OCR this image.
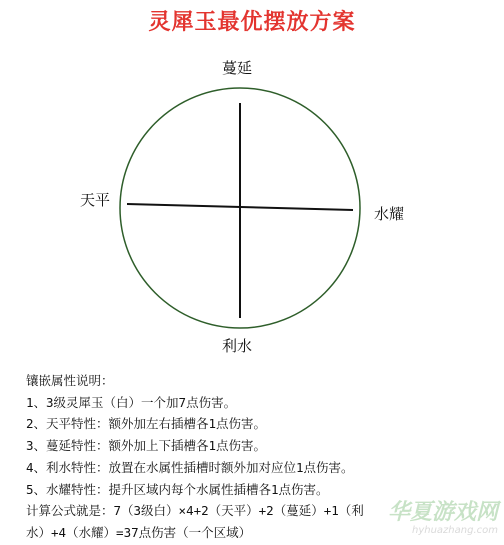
灵犀玉最优摆放方案
蔓延
天平
水耀
利水
镶嵌属性说明：
1、3级灵犀玉（白）一个加7点伤害。
2、天平特性：额外加左右插槽各1点伤害。
3、蔓延特性：额外加上下插槽各1点伤害。
4、利水特性：放置在水属性插槽时额外加对应位1点伤害。
5、水耀特性：提升区域内每个水属性插槽各1点伤害。
计算公式就是：7（3级白）×4+2（天平）+2（蔓延）+1（利
水）+4（水耀）=37点伤害（一个区域）
华夏游戏网
hyhuazhang.com
